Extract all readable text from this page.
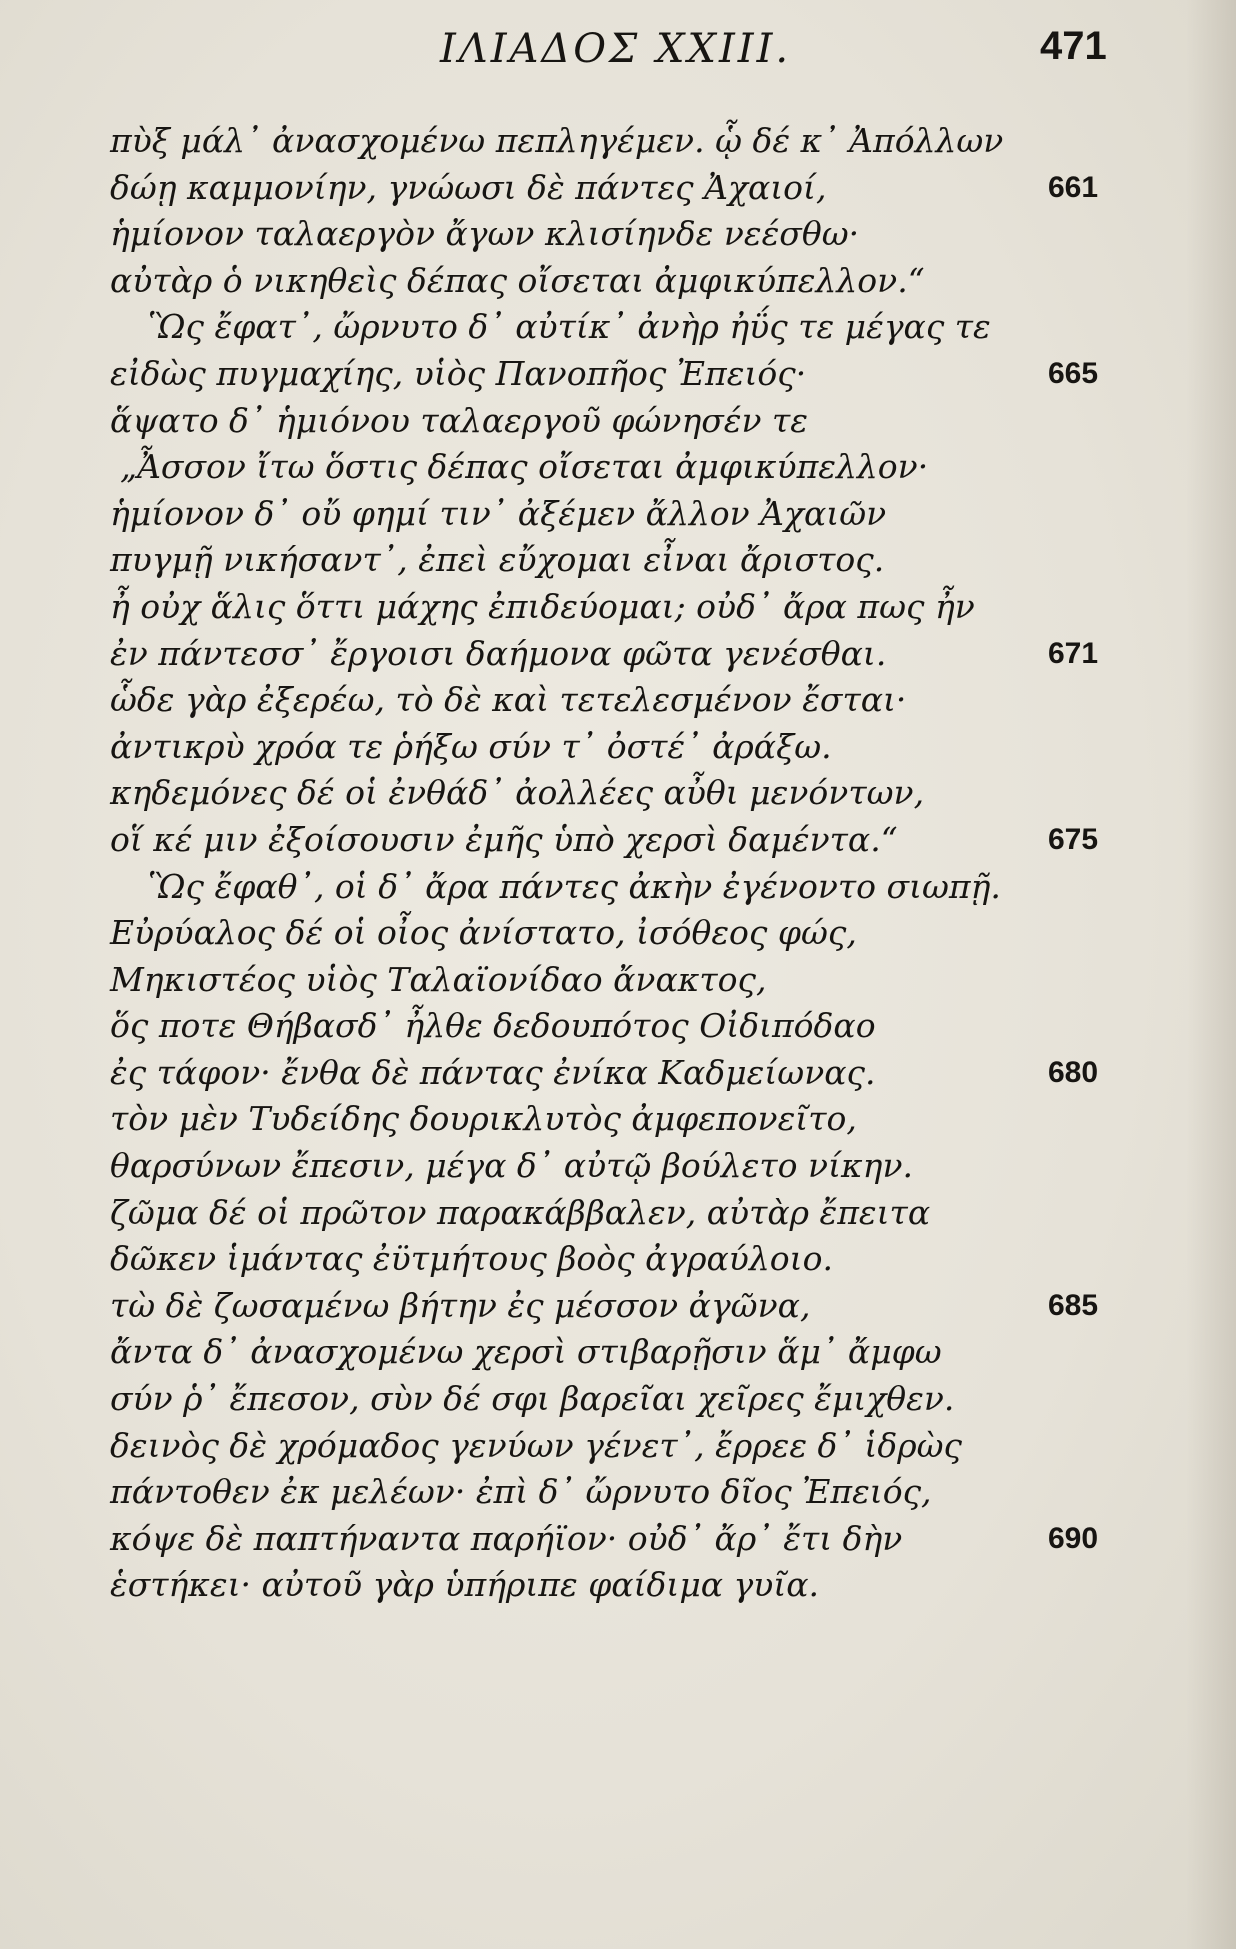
ΙΛΙΑΔΟΣ XXIII.	471
πὺξ μάλ᾽ ἀνασχομένω πεπληγέμεν. ᾧ δέ κ᾽ Ἀπόλλων
δώῃ καμμονίην, γνώωσι δὲ πάντες Ἀχαιοί,	661
ἡμίονον ταλαεργὸν ἄγων κλισίηνδε νεέσθω·
αὐτὰρ ὁ νικηθεὶς δέπας οἴσεται ἀμφικύπελλον.“
Ὣς ἔφατ᾽, ὤρνυτο δ᾽ αὐτίκ᾽ ἀνὴρ ἠΰς τε μέγας τε
εἰδὼς πυγμαχίης, υἱὸς Πανοπῆος Ἐπειός·	665
ἅψατο δ᾽ ἡμιόνου ταλαεργοῦ φώνησέν τε
„Ἆσσον ἴτω ὅστις δέπας οἴσεται ἀμφικύπελλον·
ἡμίονον δ᾽ οὔ φημί τιν᾽ ἀξέμεν ἄλλον Ἀχαιῶν
πυγμῇ νικήσαντ᾽, ἐπεὶ εὔχομαι εἶναι ἄριστος.
ἦ οὐχ ἅλις ὅττι μάχης ἐπιδεύομαι; οὐδ᾽ ἄρα πως ἦν
ἐν πάντεσσ᾽ ἔργοισι δαήμονα φῶτα γενέσθαι.	671
ὧδε γὰρ ἐξερέω, τὸ δὲ καὶ τετελεσμένον ἔσται·
ἀντικρὺ χρόα τε ῥήξω σύν τ᾽ ὀστέ᾽ ἀράξω.
κηδεμόνες δέ οἱ ἐνθάδ᾽ ἀολλέες αὖθι μενόντων,
οἵ κέ μιν ἐξοίσουσιν ἐμῆς ὑπὸ χερσὶ δαμέντα.“	675
Ὣς ἔφαθ᾽, οἱ δ᾽ ἄρα πάντες ἀκὴν ἐγένοντο σιωπῇ.
Εὐρύαλος δέ οἱ οἶος ἀνίστατο, ἰσόθεος φώς,
Μηκιστέος υἱὸς Ταλαϊονίδαο ἄνακτος,
ὅς ποτε Θήβασδ᾽ ἦλθε δεδουπότος Οἰδιπόδαο
ἐς τάφον· ἔνθα δὲ πάντας ἐνίκα Καδμείωνας.	680
τὸν μὲν Τυδείδης δουρικλυτὸς ἀμφεπονεῖτο,
θαρσύνων ἔπεσιν, μέγα δ᾽ αὐτῷ βούλετο νίκην.
ζῶμα δέ οἱ πρῶτον παρακάββαλεν, αὐτὰρ ἔπειτα
δῶκεν ἱμάντας ἐϋτμήτους βοὸς ἀγραύλοιο.
τὼ δὲ ζωσαμένω βήτην ἐς μέσσον ἀγῶνα,	685
ἄντα δ᾽ ἀνασχομένω χερσὶ στιβαρῇσιν ἅμ᾽ ἄμφω
σύν ῥ᾽ ἔπεσον, σὺν δέ σφι βαρεῖαι χεῖρες ἔμιχθεν.
δεινὸς δὲ χρόμαδος γενύων γένετ᾽, ἔρρεε δ᾽ ἱδρὼς
πάντοθεν ἐκ μελέων· ἐπὶ δ᾽ ὤρνυτο δῖος Ἐπειός,
κόψε δὲ παπτήναντα παρήϊον· οὐδ᾽ ἄρ᾽ ἔτι δὴν	690
ἑστήκει· αὐτοῦ γὰρ ὑπήριπε φαίδιμα γυῖα.
